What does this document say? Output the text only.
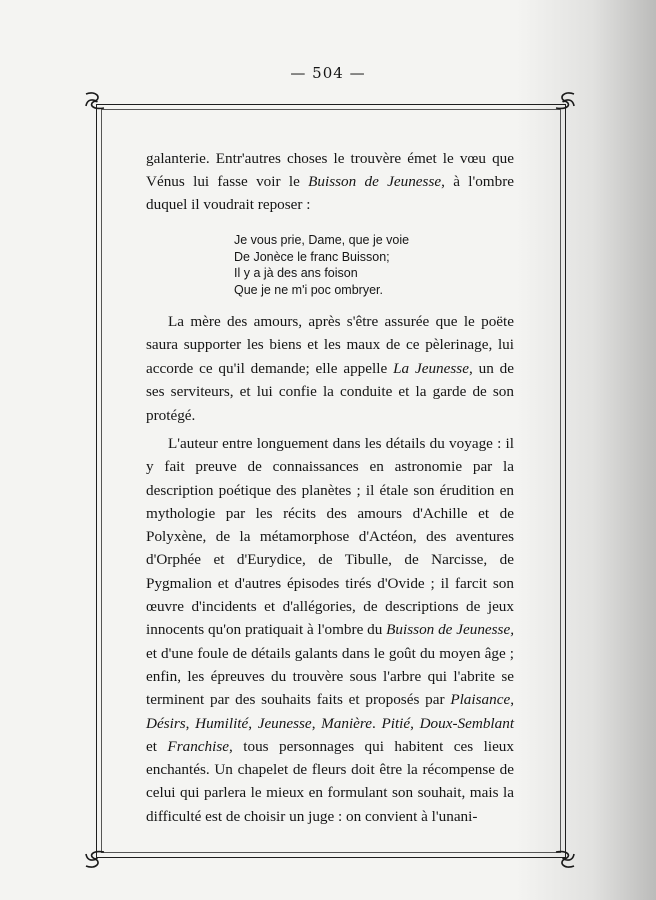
— 504 —

galanterie. Entr'autres choses le trouvère émet le vœu que Vénus lui fasse voir le Buisson de Jeunesse, à l'ombre duquel il voudrait reposer :

Je vous prie, Dame, que je voie
De Jonèce le franc Buisson;
Il y a jà des ans foison
Que je ne m'i poc ombryer.

La mère des amours, après s'être assurée que le poëte saura supporter les biens et les maux de ce pèlerinage, lui accorde ce qu'il demande; elle appelle La Jeunesse, un de ses serviteurs, et lui confie la conduite et la garde de son protégé.

L'auteur entre longuement dans les détails du voyage : il y fait preuve de connaissances en astronomie par la description poétique des planètes ; il étale son érudition en mythologie par les récits des amours d'Achille et de Polyxène, de la métamorphose d'Actéon, des aventures d'Orphée et d'Eurydice, de Tibulle, de Narcisse, de Pygmalion et d'autres épisodes tirés d'Ovide ; il farcit son œuvre d'incidents et d'allégories, de descriptions de jeux innocents qu'on pratiquait à l'ombre du Buisson de Jeunesse, et d'une foule de détails galants dans le goût du moyen âge ; enfin, les épreuves du trouvère sous l'arbre qui l'abrite se terminent par des souhaits faits et proposés par Plaisance, Désirs, Humilité, Jeunesse, Manière. Pitié, Doux-Semblant et Franchise, tous personnages qui habitent ces lieux enchantés. Un chapelet de fleurs doit être la récompense de celui qui parlera le mieux en formulant son souhait, mais la difficulté est de choisir un juge : on convient à l'unani-
